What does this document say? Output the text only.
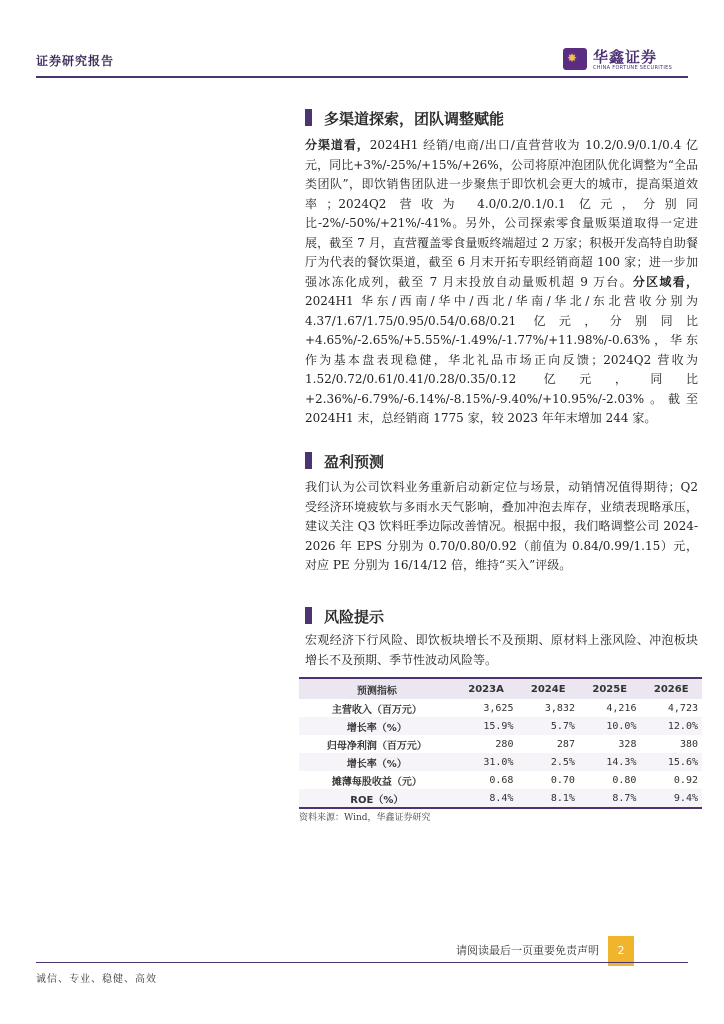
证券研究报告	✸ 华鑫证券
CHINA FORTUNE SECURITIES
多渠道探索，团队调整赋能
分渠道看，2024H1 经销/电商/出口/直营营收为 10.2/0.9/0.1/0.4 亿元，同比+3%/-25%/+15%/+26%，公司将原冲泡团队优化调整为“全品类团队”，即饮销售团队进一步聚焦于即饮机会更大的城市，提高渠道效率；2024Q2 营收为 4.0/0.2/0.1/0.1 亿元，分别同比-2%/-50%/+21%/-41%。另外，公司探索零食量贩渠道取得一定进展，截至 7 月，直营覆盖零食量贩终端超过 2 万家；积极开发高特自助餐厅为代表的餐饮渠道，截至 6 月末开拓专职经销商超 100 家；进一步加强冰冻化成列，截至 7 月末投放自动量贩机超 9 万台。分区域看，2024H1 华东/西南/华中/西北/华南/华北/东北营收分别为 4.37/1.67/1.75/0.95/0.54/0.68/0.21 亿元，分别同比+4.65%/-2.65%/+5.55%/-1.49%/-1.77%/+11.98%/-0.63%，华东作为基本盘表现稳健，华北礼品市场正向反馈；2024Q2 营收为 1.52/0.72/0.61/0.41/0.28/0.35/0.12 亿元，同比+2.36%/-6.79%/-6.14%/-8.15%/-9.40%/+10.95%/-2.03%。截至 2024H1 末，总经销商 1775 家，较 2023 年年末增加 244 家。
盈利预测
我们认为公司饮料业务重新启动新定位与场景，动销情况值得期待；Q2 受经济环境疲软与多雨水天气影响，叠加冲泡去库存，业绩表现略承压，建议关注 Q3 饮料旺季边际改善情况。根据中报，我们略调整公司 2024-2026 年 EPS 分别为 0.70/0.80/0.92（前值为 0.84/0.99/1.15）元，对应 PE 分别为 16/14/12 倍，维持“买入”评级。
风险提示
宏观经济下行风险、即饮板块增长不及预期、原材料上涨风险、冲泡板块增长不及预期、季节性波动风险等。
预测指标	2023A	2024E	2025E	2026E
主营收入（百万元）	3,625	3,832	4,216	4,723
增长率（%）	15.9%	5.7%	10.0%	12.0%
归母净利润（百万元）	280	287	328	380
增长率（%）	31.0%	2.5%	14.3%	15.6%
摊薄每股收益（元）	0.68	0.70	0.80	0.92
ROE（%）	8.4%	8.1%	8.7%	9.4%
资料来源：Wind，华鑫证券研究
请阅读最后一页重要免责声明	2
诚信、专业、稳健、高效
